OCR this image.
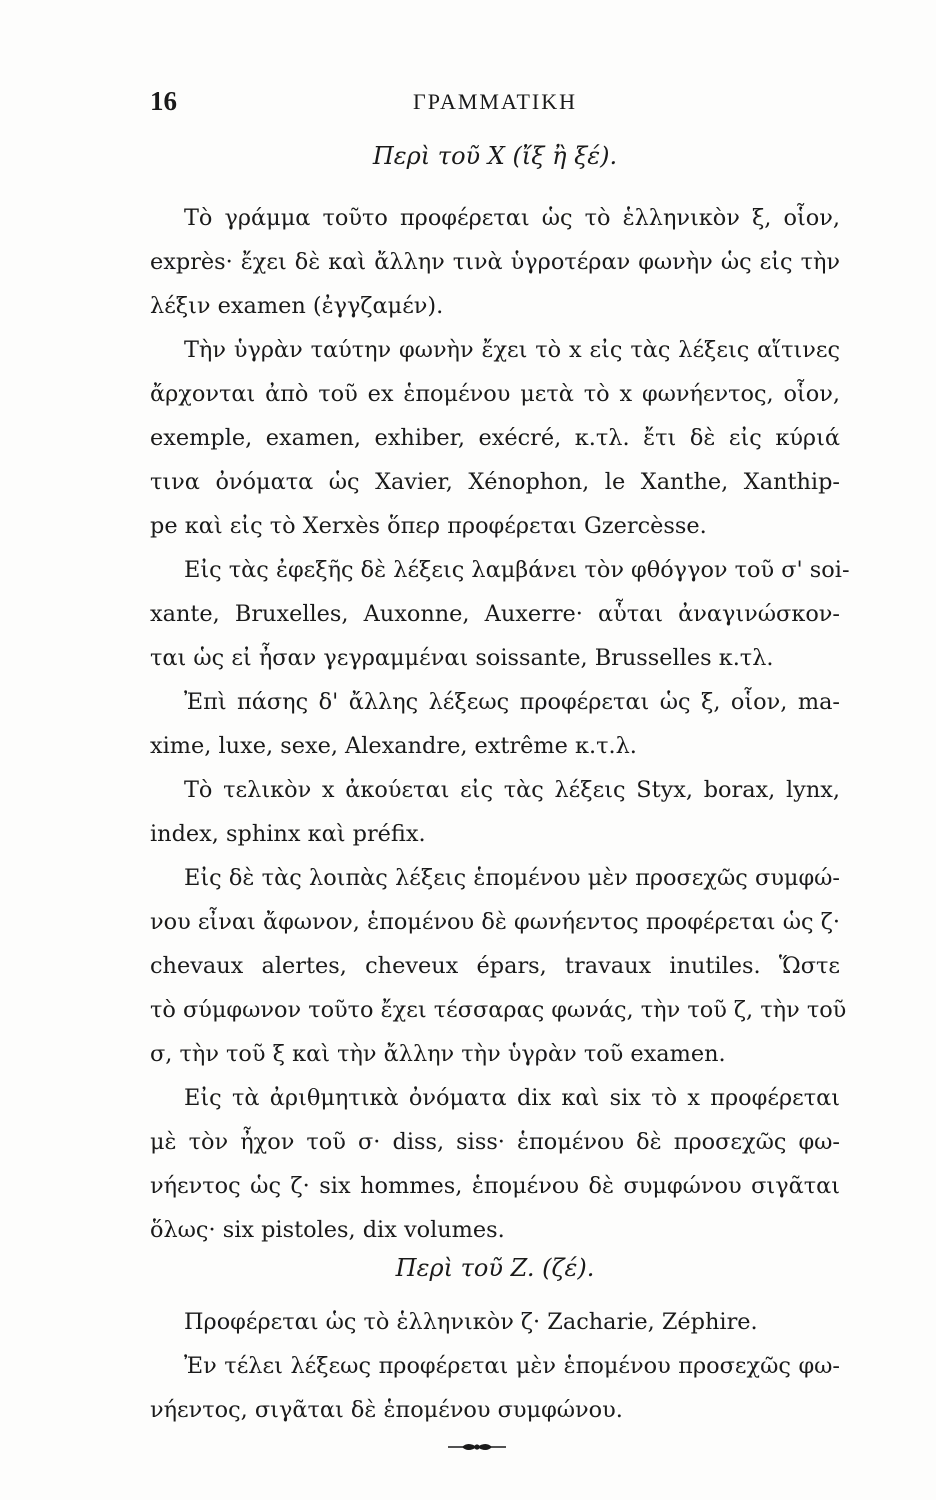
16	ΓΡΑΜΜΑΤΙΚΗ
Περὶ τοῦ X (ἴξ ἢ ξέ).
Τὸ γράμμα τοῦτο προφέρεται ὡς τὸ ἑλληνικὸν ξ, οἷον,
exprès· ἔχει δὲ καὶ ἄλλην τινὰ ὑγροτέραν φωνὴν ὡς εἰς τὴν
λέξιν examen (ἐγγζαμέν).
Τὴν ὑγρὰν ταύτην φωνὴν ἔχει τὸ x εἰς τὰς λέξεις αἵτινες
ἄρχονται ἀπὸ τοῦ ex ἑπομένου μετὰ τὸ x φωνήεντος, οἷον,
exemple, examen, exhiber, exécré, κ.τλ. ἔτι δὲ εἰς κύριά
τινα ὀνόματα ὡς Xavier, Xénophon, le Xanthe, Xanthip-
pe καὶ εἰς τὸ Xerxès ὅπερ προφέρεται Gzercèsse.
Εἰς τὰς ἐφεξῆς δὲ λέξεις λαμβάνει τὸν φθόγγον τοῦ σ' soi-
xante, Bruxelles, Auxonne, Auxerre· αὗται ἀναγινώσκον-
ται ὡς εἰ ἦσαν γεγραμμέναι soissante, Brusselles κ.τλ.
Ἐπὶ πάσης δ' ἄλλης λέξεως προφέρεται ὡς ξ, οἷον, ma-
xime, luxe, sexe, Alexandre, extrême κ.τ.λ.
Τὸ τελικὸν x ἀκούεται εἰς τὰς λέξεις Styx, borax, lynx,
index, sphinx καὶ préfix.
Εἰς δὲ τὰς λοιπὰς λέξεις ἑπομένου μὲν προσεχῶς συμφώ-
νου εἶναι ἄφωνον, ἑπομένου δὲ φωνήεντος προφέρεται ὡς ζ·
chevaux alertes, cheveux épars, travaux inutiles. Ὥστε
τὸ σύμφωνον τοῦτο ἔχει τέσσαρας φωνάς, τὴν τοῦ ζ, τὴν τοῦ
σ, τὴν τοῦ ξ καὶ τὴν ἄλλην τὴν ὑγρὰν τοῦ examen.
Εἰς τὰ ἀριθμητικὰ ὀνόματα dix καὶ six τὸ x προφέρεται
μὲ τὸν ἦχον τοῦ σ· diss, siss· ἑπομένου δὲ προσεχῶς φω-
νήεντος ὡς ζ· six hommes, ἑπομένου δὲ συμφώνου σιγᾶται
ὅλως· six pistoles, dix volumes.
Περὶ τοῦ Z. (ζέ).
Προφέρεται ὡς τὸ ἑλληνικὸν ζ· Zacharie, Zéphire.
Ἐν τέλει λέξεως προφέρεται μὲν ἑπομένου προσεχῶς φω-
νήεντος, σιγᾶται δὲ ἑπομένου συμφώνου.
